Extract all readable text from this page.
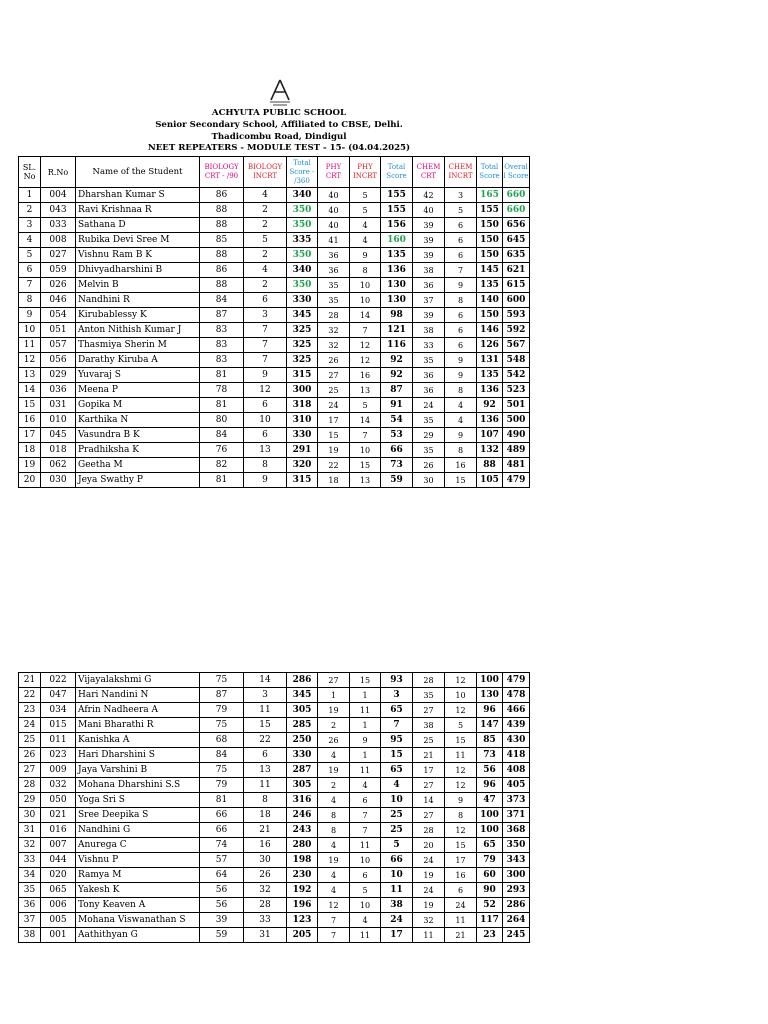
ACHYUTA PUBLIC SCHOOL
Senior Secondary School, Affiliated to CBSE, Delhi.
Thadicombu Road, Dindigul
NEET REPEATERS - MODULE TEST - 15- (04.04.2025)
SL. No	R.No	Name of the Student	BIOLOGY CRT - /90	BIOLOGY INCRT	Total Score - /360	PHY CRT	PHY INCRT	Total Score	CHEM CRT	CHEM INCRT	Total Score	Overal l Score
1	004	Dharshan Kumar S	86	4	340	40	5	155	42	3	165	660
2	043	Ravi Krishnaa R	88	2	350	40	5	155	40	5	155	660
3	033	Sathana D	88	2	350	40	4	156	39	6	150	656
4	008	Rubika Devi Sree M	85	5	335	41	4	160	39	6	150	645
5	027	Vishnu Ram B K	88	2	350	36	9	135	39	6	150	635
6	059	Dhivyadharshini B	86	4	340	36	8	136	38	7	145	621
7	026	Melvin B	88	2	350	35	10	130	36	9	135	615
8	046	Nandhini R	84	6	330	35	10	130	37	8	140	600
9	054	Kirubablessy K	87	3	345	28	14	98	39	6	150	593
10	051	Anton Nithish Kumar J	83	7	325	32	7	121	38	6	146	592
11	057	Thasmiya Sherin M	83	7	325	32	12	116	33	6	126	567
12	056	Darathy Kiruba A	83	7	325	26	12	92	35	9	131	548
13	029	Yuvaraj S	81	9	315	27	16	92	36	9	135	542
14	036	Meena P	78	12	300	25	13	87	36	8	136	523
15	031	Gopika M	81	6	318	24	5	91	24	4	92	501
16	010	Karthika N	80	10	310	17	14	54	35	4	136	500
17	045	Vasundra B K	84	6	330	15	7	53	29	9	107	490
18	018	Pradhiksha K	76	13	291	19	10	66	35	8	132	489
19	062	Geetha M	82	8	320	22	15	73	26	16	88	481
20	030	Jeya Swathy P	81	9	315	18	13	59	30	15	105	479
21	022	Vijayalakshmi G	75	14	286	27	15	93	28	12	100	479
22	047	Hari Nandini N	87	3	345	1	1	3	35	10	130	478
23	034	Afrin Nadheera A	79	11	305	19	11	65	27	12	96	466
24	015	Mani Bharathi R	75	15	285	2	1	7	38	5	147	439
25	011	Kanishka A	68	22	250	26	9	95	25	15	85	430
26	023	Hari Dharshini S	84	6	330	4	1	15	21	11	73	418
27	009	Jaya Varshini B	75	13	287	19	11	65	17	12	56	408
28	032	Mohana Dharshini S.S	79	11	305	2	4	4	27	12	96	405
29	050	Yoga Sri S	81	8	316	4	6	10	14	9	47	373
30	021	Sree Deepika S	66	18	246	8	7	25	27	8	100	371
31	016	Nandhini G	66	21	243	8	7	25	28	12	100	368
32	007	Anurega C	74	16	280	4	11	5	20	15	65	350
33	044	Vishnu P	57	30	198	19	10	66	24	17	79	343
34	020	Ramya M	64	26	230	4	6	10	19	16	60	300
35	065	Yakesh K	56	32	192	4	5	11	24	6	90	293
36	006	Tony Keaven A	56	28	196	12	10	38	19	24	52	286
37	005	Mohana Viswanathan S	39	33	123	7	4	24	32	11	117	264
38	001	Aathithyan G	59	31	205	7	11	17	11	21	23	245
